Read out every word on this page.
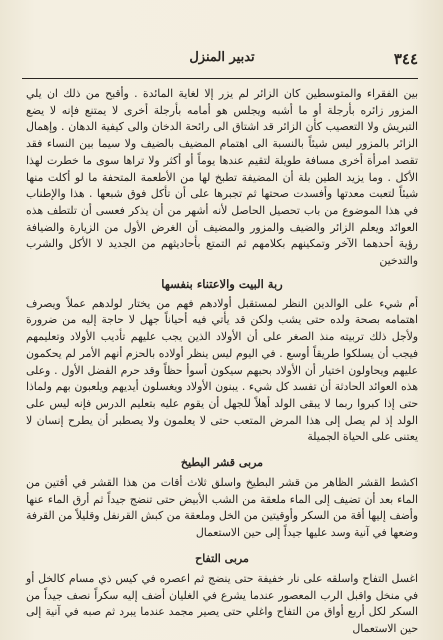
٣٤٤
تدبير المنزل

بين الفقراء والمتوسطين كان الزائر لم يزر إلا لغاية المائدة . وأقبح من ذلك ان يلي المزور زائره بأرجلة أو ما أشبه ويجلس هو أمامه بأرجلة أخرى لا يمتنع فإنه لا يضع التبريش ولا التعصيب كأن الزائر قد اشتاق الى رائحة الدخان والى كيفية الدهان . وإهمال الزائر بالمزور ليس شيئاً بالنسبة الى اهتمام المضيف بالضيف ولا سيما بين النساء فقد تقصد امرأة أخرى مسافة طويلة لتقيم عندها يوماً أو أكثر ولا تراها سوى ما خطرت لهذا الأكل . وما يزيد الطين بلة أن المضيفة تطبخ لها من الأطعمة المتحفة ما لو أكلت منها شيئاً لتعبت معدتها وأفسدت صحتها ثم تجبرها على أن تأكل فوق شبعها . هذا والإطناب في هذا الموضوع من باب تحصيل الحاصل لأنه أشهر من أن يذكر فعسى أن تلتطف هذه العوائد ويعلم الزائر والضيف والمزور والمضيف أن الغرض الأول من الزيارة والضيافة رؤية أحدهما الآخر وتمكينهم بكلامهم ثم التمتع بأحاديثهم من الجديد لا الأكل والشرب والتدخين

ربة البيت والاعتناء بنفسها

أم شيء على الوالدين النظر لمستقبل أولادهم فهم من يختار لولدهم عملاً ويصرف اهتمامه بصحة ولده حتى يشب ولكن قد يأتي فيه أحياناً جهل لا حاجة إليه من ضرورة ولأجل ذلك تربيته منذ الصغر على أن الأولاد الذين يجب عليهم تأديب الأولاد وتعليمهم فيجب أن يسلكوا طريقاً أوسع . في اليوم ليس ينظر أولاده بالحزم أنهم الأمر لم يحكمون عليهم ويحاولون اختيار أن الأولاد بحبهم سيكون أسوأ حظاً وقد حرم الفضل الأول . وعلى هذه العوائد الحادثة أن تفسد كل شيء . يبنون الأولاد ويغسلون أيديهم ويلعبون بهم ولماذا حتى إذا كبروا ربما لا يبقى الولد أهلاً للجهل أن يقوم عليه بتعليم الدرس فإنه ليس على الولد إذ لم يصل إلى هذا المرض المتعب حتى لا يعلمون ولا يصطبر أن يطرح إنسان لا يعتنى على الحياة الجميلة

مربى قشر البطيخ

اكشط القشر الظاهر من قشر البطيخ واسلق ثلاث أقات من هذا القشر في أقتين من الماء بعد أن تضيف إلى الماء ملعقة من الشب الأبيض حتى تنضج جيداً ثم أرق الماء عنها وأضف إليها أقة من السكر وأوقيتين من الخل وملعقة من كبش القرنفل وقليلاً من القرفة وضعها في آنية وسد عليها جيداً إلى حين الاستعمال

مربى التفاح

اغسل التفاح واسلقه على نار خفيفة حتى ينضج ثم اعصره في كيس ذي مسام كالخل أو في منخل واقبل الرب المعصور عندما يشرع في الغليان أضف إليه سكراً نصف جيداً من السكر لكل أربع أواق من التفاح واغلي حتى يصير مجمد عندما يبرد ثم صبه في آنية إلى حين الاستعمال
